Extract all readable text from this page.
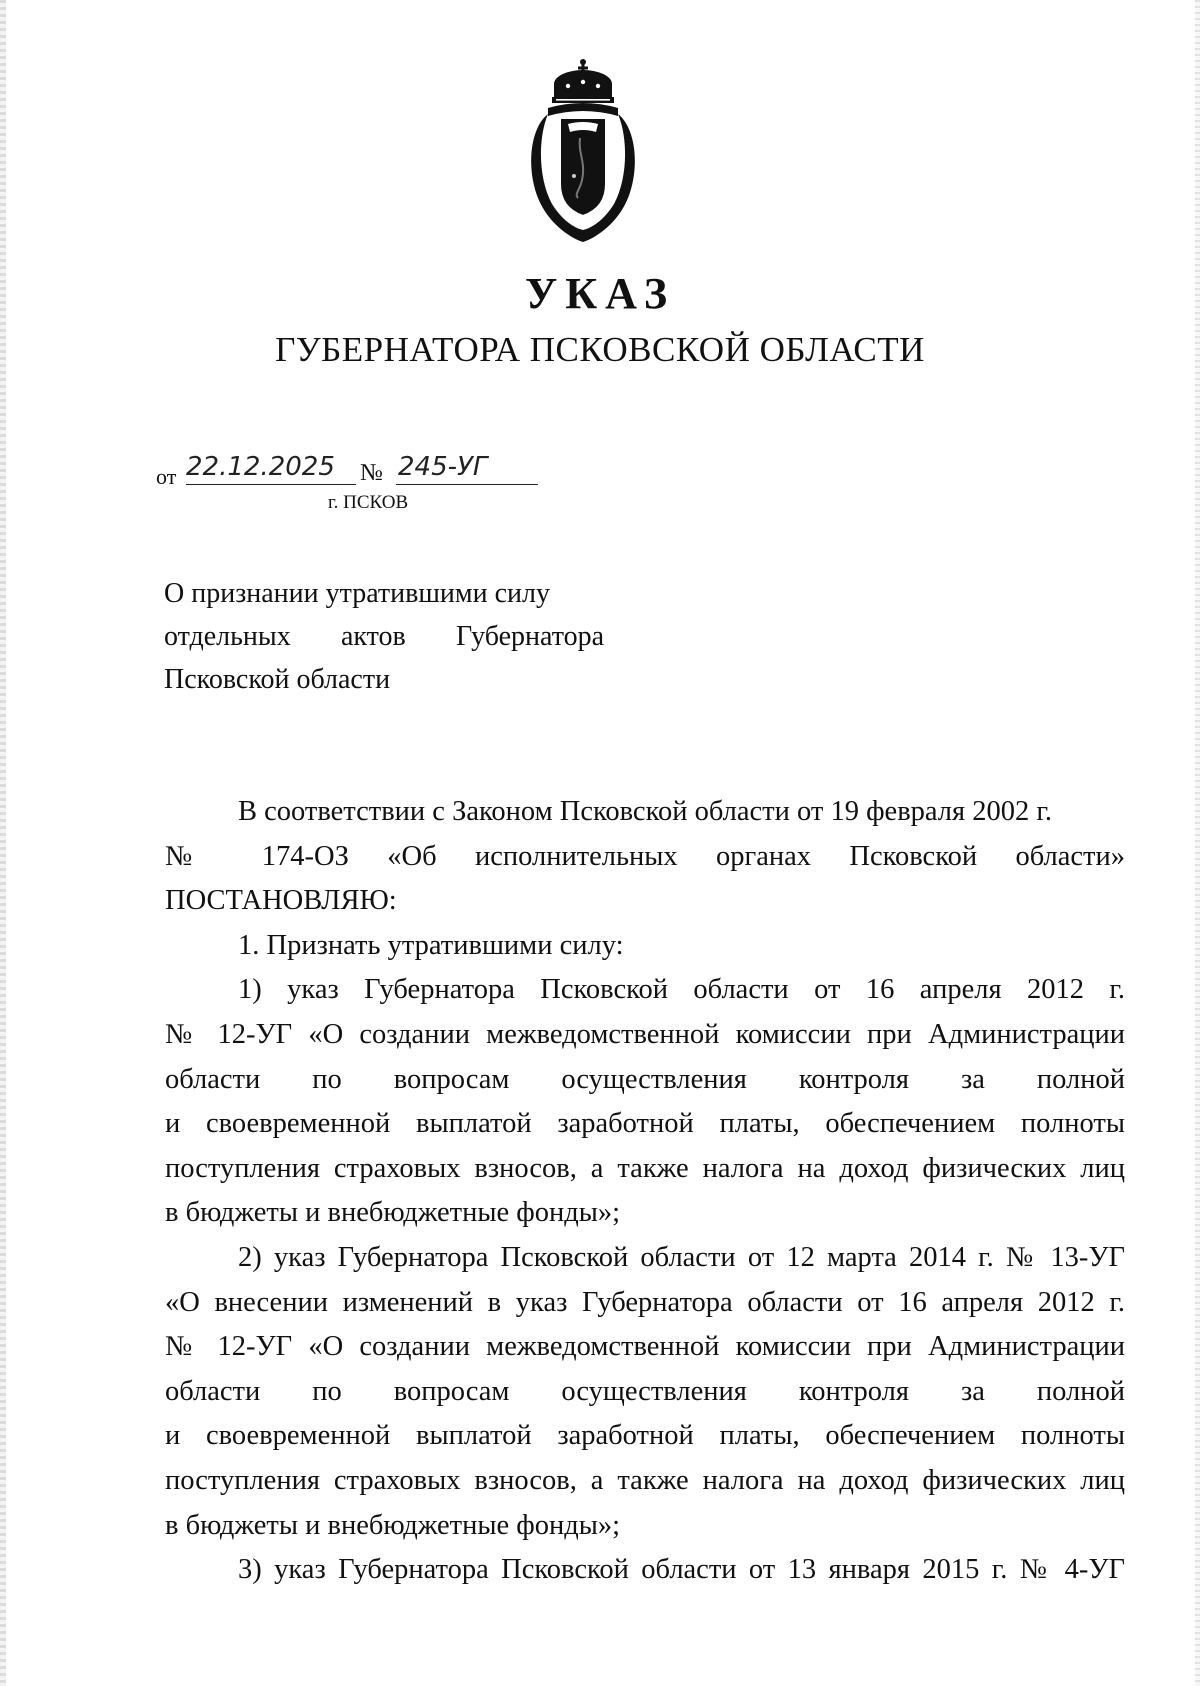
УКАЗ
ГУБЕРНАТОРА ПСКОВСКОЙ ОБЛАСТИ
от 22.12.2025 № 245-УГ
г. ПСКОВ

О признании утратившими силу
отдельных актов Губернатора
Псковской области

В соответствии с Законом Псковской области от 19 февраля 2002 г.
№ 174-ОЗ «Об исполнительных органах Псковской области»
ПОСТАНОВЛЯЮ:
1. Признать утратившими силу:
1) указ Губернатора Псковской области от 16 апреля 2012 г.
№ 12-УГ «О создании межведомственной комиссии при Администрации
области по вопросам осуществления контроля за полной
и своевременной выплатой заработной платы, обеспечением полноты
поступления страховых взносов, а также налога на доход физических лиц
в бюджеты и внебюджетные фонды»;
2) указ Губернатора Псковской области от 12 марта 2014 г. № 13-УГ
«О внесении изменений в указ Губернатора области от 16 апреля 2012 г.
№ 12-УГ «О создании межведомственной комиссии при Администрации
области по вопросам осуществления контроля за полной
и своевременной выплатой заработной платы, обеспечением полноты
поступления страховых взносов, а также налога на доход физических лиц
в бюджеты и внебюджетные фонды»;
3) указ Губернатора Псковской области от 13 января 2015 г. № 4-УГ
